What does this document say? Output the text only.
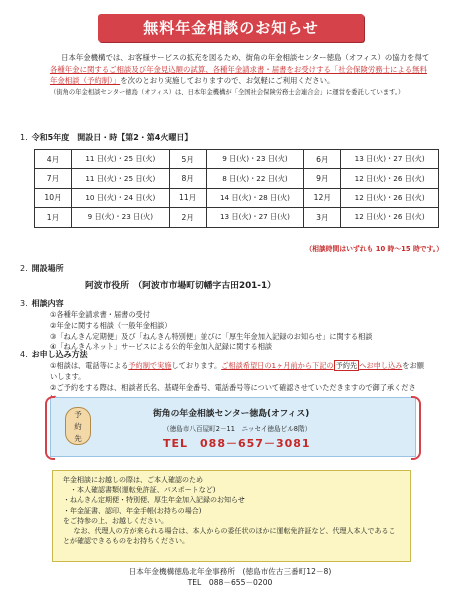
無料年金相談のお知らせ
日本年金機構では、お客様サービスの拡充を図るため、街角の年金相談センター徳島（オフィス）の協力を得て各種年金に関するご相談及び年金見込額の試算、各種年金請求書・届書をお受けする「社会保険労務士による無料年金相談（予約制）」を次のとおり実施しておりますので、お気軽にご利用ください。
（街角の年金相談センター徳島（オフィス）は、日本年金機構が「全国社会保険労務士会連合会」に運営を委託しています。）
1. 令和5年度　開設日・時【第2・第4火曜日】
4月	11 日(火)・25 日(火)	5月	9 日(火)・23 日(火)	6月	13 日(火)・27 日(火)
7月	11 日(火)・25 日(火)	8月	8 日(火)・22 日(火)	9月	12 日(火)・26 日(火)
10月	10 日(火)・24 日(火)	11月	14 日(火)・28 日(火)	12月	12 日(火)・26 日(火)
1月	9 日(火)・23 日(火)	2月	13 日(火)・27 日(火)	3月	12 日(火)・26 日(火)
（相談時間はいずれも 10 時～15 時です。）
2. 開設場所
阿波市役所　（阿波市市場町切幡字古田201-1）
3. 相談内容
①各種年金請求書・届書の受付
②年金に関する相談（一般年金相談）
③「ねんきん定期便」及び「ねんきん特別便」並びに「厚生年金加入記録のお知らせ」に関する相談
④「ねんきんネット」サービスによる公的年金加入記録に関する相談
4. お申し込み方法
①相談は、電話等による予約制で実施しております。ご相談希望日の1ヶ月前から下記の 予約先 へお申し込みをお願いします。
②ご予約をする際は、相談者氏名、基礎年金番号、電話番号等について確認させていただきますので御了承くださ
予
約
先
街角の年金相談センター徳島(オフィス)
（徳島市八百屋町2－11　ニッセイ徳島ビル8階）
TEL　088－657－3081
年金相談にお越しの際は、ご本人確認のため
・本人確認書類(運転免許証、パスポートなど)
・ねんきん定期便・特別便、厚生年金加入記録のお知らせ
・年金証書、認印、年金手帳(お持ちの場合)
をご持参の上、お越しください。
なお、代理人の方が来られる場合は、本人からの委任状のほかに運転免許証など、代理人本人であることが確認できるものをお持ちください。
日本年金機構徳島北年金事務所　(徳島市佐古三番町12－8)
TEL　088－655－0200
